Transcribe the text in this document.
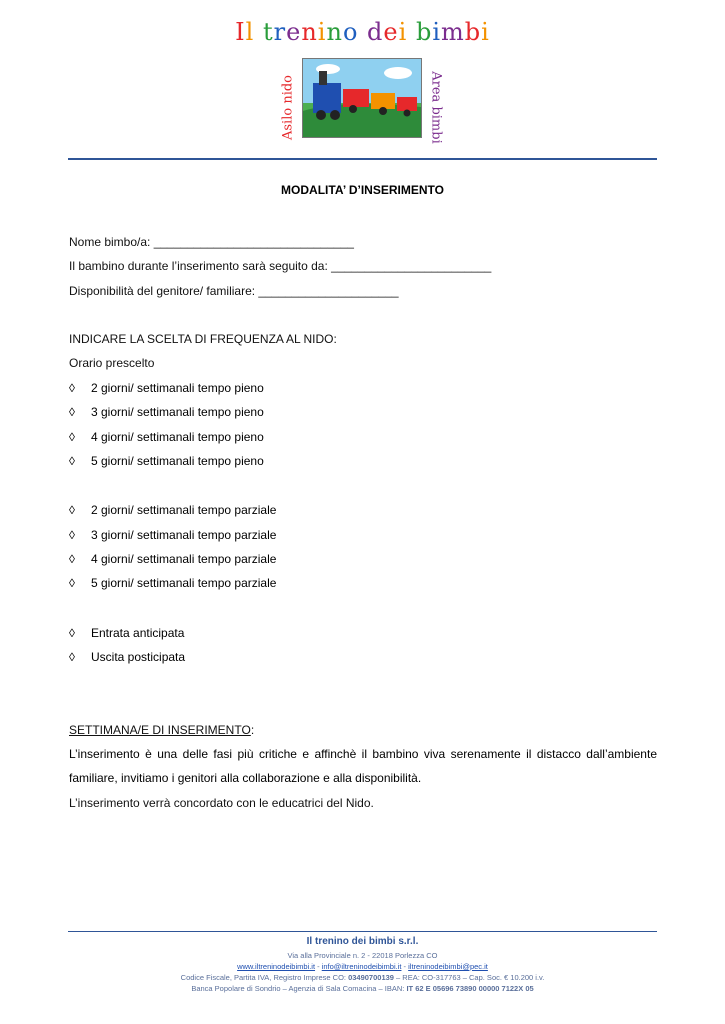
Il trenino dei bimbi
Asilo nido	Area bimbi
MODALITA’ D’INSERIMENTO
Nome bimbo/a: ______________________________
Il bambino durante l’inserimento sarà seguito da: ________________________
Disponibilità del genitore/ familiare: _____________________
INDICARE LA SCELTA DI FREQUENZA AL NIDO:
Orario prescelto
◊ 2 giorni/ settimanali tempo pieno
◊ 3 giorni/ settimanali tempo pieno
◊ 4 giorni/ settimanali tempo pieno
◊ 5 giorni/ settimanali tempo pieno
◊ 2 giorni/ settimanali tempo parziale
◊ 3 giorni/ settimanali tempo parziale
◊ 4 giorni/ settimanali tempo parziale
◊ 5 giorni/ settimanali tempo parziale
◊ Entrata anticipata
◊ Uscita posticipata
SETTIMANA/E DI INSERIMENTO:
L’inserimento è una delle fasi più critiche e affinchè il bambino viva serenamente il distacco dall’ambiente familiare, invitiamo i genitori alla collaborazione e alla disponibilità.
L’inserimento verrà concordato con le educatrici del Nido.
Il trenino dei bimbi s.r.l.
Via alla Provinciale n. 2 - 22018 Porlezza CO
www.iltreninodeibimbi.it - info@iltreninodeibimbi.it - iltreninodeibimbi@pec.it
Codice Fiscale, Partita IVA, Registro Imprese CO: 03490700139 – REA: CO-317763 – Cap. Soc. € 10.200 i.v.
Banca Popolare di Sondrio – Agenzia di Sala Comacina – IBAN: IT 62 E 05696 73890 00000 7122X 05
